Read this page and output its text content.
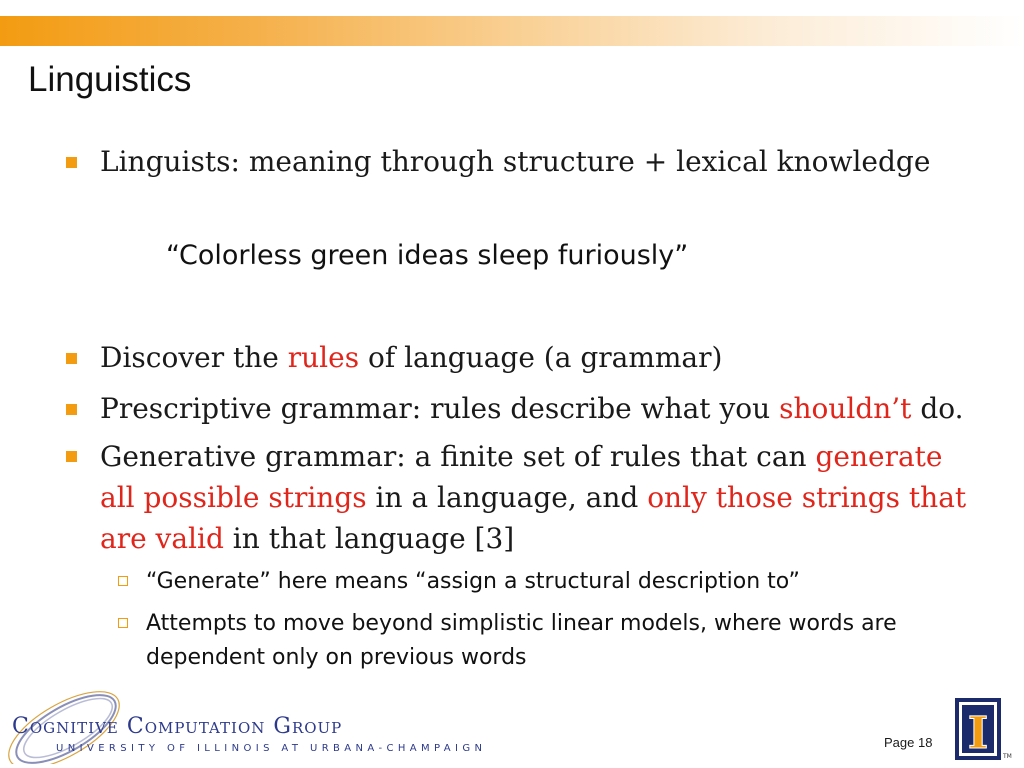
Linguistics
Linguists: meaning through structure + lexical knowledge
“Colorless green ideas sleep furiously”
Discover the rules of language (a grammar)
Prescriptive grammar: rules describe what you shouldn’t do.
Generative grammar: a finite set of rules that can generate all possible strings in a language, and only those strings that are valid in that language [3]
“Generate” here means “assign a structural description to”
Attempts to move beyond simplistic linear models, where words are dependent only on previous words
Cognitive Computation Group
UNIVERSITY OF ILLINOIS AT URBANA-CHAMPAIGN	Page 18 I TM
